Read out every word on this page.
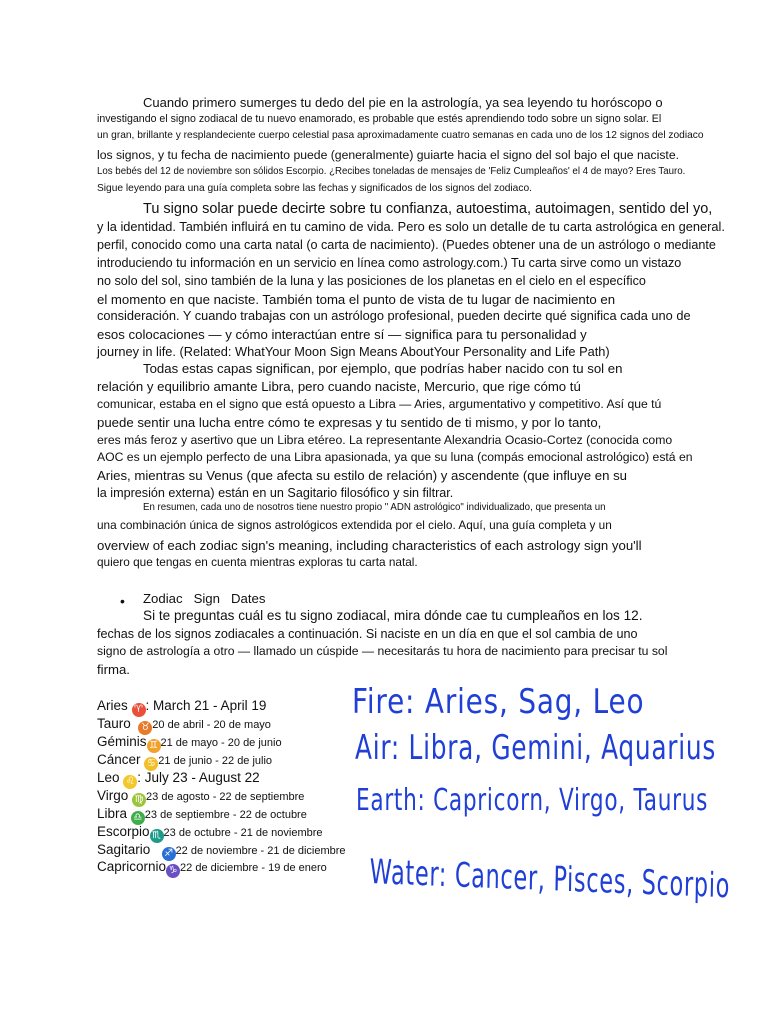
Cuando primero sumerges tu dedo del pie en la astrología, ya sea leyendo tu horóscopo o
investigando el signo zodiacal de tu nuevo enamorado, es probable que estés aprendiendo todo sobre un signo solar. El
un gran, brillante y resplandeciente cuerpo celestial pasa aproximadamente cuatro semanas en cada uno de los 12 signos del zodiaco
los signos, y tu fecha de nacimiento puede (generalmente) guiarte hacia el signo del sol bajo el que naciste.
Los bebés del 12 de noviembre son sólidos Escorpio. ¿Recibes toneladas de mensajes de 'Feliz Cumpleaños' el 4 de mayo? Eres Tauro.
Sigue leyendo para una guía completa sobre las fechas y significados de los signos del zodiaco.
Tu signo solar puede decirte sobre tu confianza, autoestima, autoimagen, sentido del yo,
y la identidad. También influirá en tu camino de vida. Pero es solo un detalle de tu carta astrológica en general.
perfil, conocido como una carta natal (o carta de nacimiento). (Puedes obtener una de un astrólogo o mediante
introduciendo tu información en un servicio en línea como astrology.com.) Tu carta sirve como un vistazo
no solo del sol, sino también de la luna y las posiciones de los planetas en el cielo en el específico
el momento en que naciste. También toma el punto de vista de tu lugar de nacimiento en
consideración. Y cuando trabajas con un astrólogo profesional, pueden decirte qué significa cada uno de
esos colocaciones — y cómo interactúan entre sí — significa para tu personalidad y
journey in life. (Related: WhatYour Moon Sign Means AboutYour Personality and Life Path)
Todas estas capas significan, por ejemplo, que podrías haber nacido con tu sol en
relación y equilibrio amante Libra, pero cuando naciste, Mercurio, que rige cómo tú
comunicar, estaba en el signo que está opuesto a Libra — Aries, argumentativo y competitivo. Así que tú
puede sentir una lucha entre cómo te expresas y tu sentido de ti mismo, y por lo tanto,
eres más feroz y asertivo que un Libra etéreo. La representante Alexandria Ocasio-Cortez (conocida como
AOC es un ejemplo perfecto de una Libra apasionada, ya que su luna (compás emocional astrológico) está en
Aries, mientras su Venus (que afecta su estilo de relación) y ascendente (que influye en su
la impresión externa) están en un Sagitario filosófico y sin filtrar.
En resumen, cada uno de nosotros tiene nuestro propio " ADN astrológico" individualizado, que presenta un
una combinación única de signos astrológicos extendida por el cielo. Aquí, una guía completa y un
overview of each zodiac sign's meaning, including characteristics of each astrology sign you'll
quiero que tengas en cuenta mientras exploras tu carta natal.
• Zodiac   Sign   Dates
Si te preguntas cuál es tu signo zodiacal, mira dónde cae tu cumpleaños en los 12.
fechas de los signos zodiacales a continuación. Si naciste en un día en que el sol cambia de uno
signo de astrología a otro — llamado un cúspide — necesitarás tu hora de nacimiento para precisar tu sol
firma.
Aries ♈ : March 21 - April 19
Tauro ♉ 20 de abril - 20 de mayo
Géminis ♊ 21 de mayo - 20 de junio
Cáncer ♋ 21 de junio - 22 de julio
Leo ♌ : July 23 - August 22
Virgo ♍ 23 de agosto - 22 de septiembre
Libra ♎ 23 de septiembre - 22 de octubre
Escorpio ♏ 23 de octubre - 21 de noviembre
Sagitario ♐ 22 de noviembre - 21 de diciembre
Capricornio ♑ 22 de diciembre - 19 de enero
Fire: Aries, Sag, Leo
Air: Libra, Gemini, Aquarius
Earth: Capricorn, Virgo, Taurus
Water: Cancer, Pisces, Scorpio
